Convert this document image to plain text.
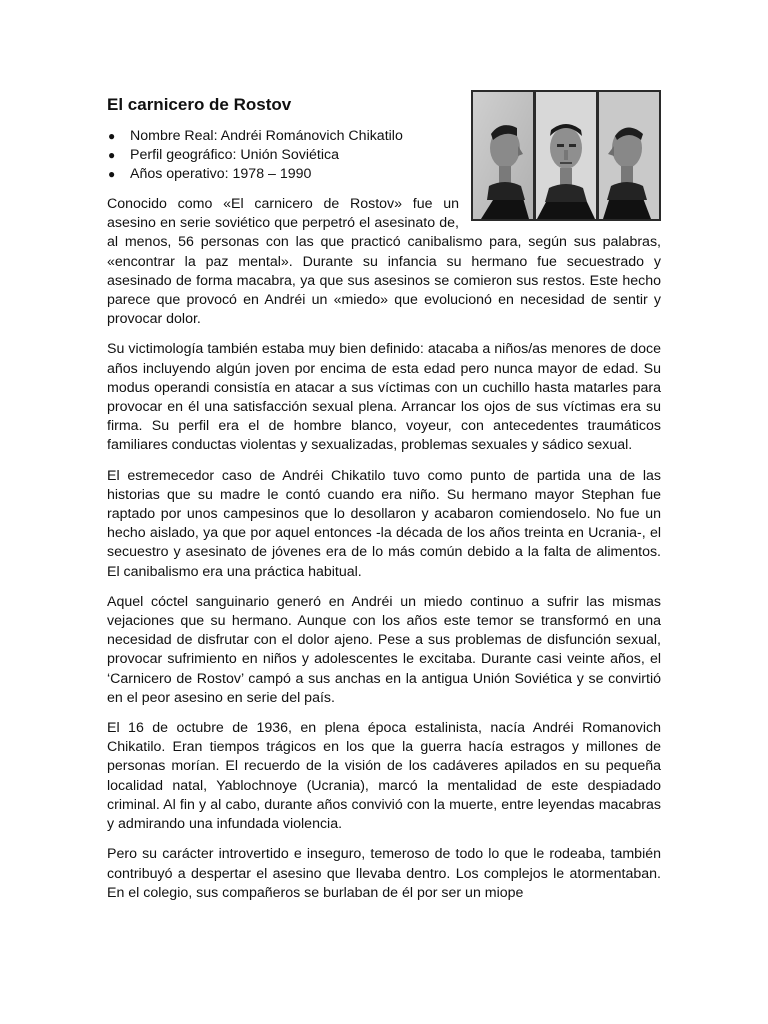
El carnicero de Rostov
● Nombre Real: Andréi Románovich Chikatilo
● Perfil geográfico: Unión Soviética
● Años operativo: 1978 – 1990

Conocido como «El carnicero de Rostov» fue un asesino en serie soviético que perpetró el asesinato de, al menos, 56 personas con las que practicó canibalismo para, según sus palabras, «encontrar la paz mental». Durante su infancia su hermano fue secuestrado y asesinado de forma macabra, ya que sus asesinos se comieron sus restos. Este hecho parece que provocó en Andréi un «miedo» que evolucionó en necesidad de sentir y provocar dolor.

Su victimología también estaba muy bien definido: atacaba a niños/as menores de doce años incluyendo algún joven por encima de esta edad pero nunca mayor de edad. Su modus operandi consistía en atacar a sus víctimas con un cuchillo hasta matarles para provocar en él una satisfacción sexual plena. Arrancar los ojos de sus víctimas era su firma. Su perfil era el de hombre blanco, voyeur, con antecedentes traumáticos familiares conductas violentas y sexualizadas, problemas sexuales y sádico sexual.

El estremecedor caso de Andréi Chikatilo tuvo como punto de partida una de las historias que su madre le contó cuando era niño. Su hermano mayor Stephan fue raptado por unos campesinos que lo desollaron y acabaron comiendoselo. No fue un hecho aislado, ya que por aquel entonces -la década de los años treinta en Ucrania-, el secuestro y asesinato de jóvenes era de lo más común debido a la falta de alimentos. El canibalismo era una práctica habitual.

Aquel cóctel sanguinario generó en Andréi un miedo continuo a sufrir las mismas vejaciones que su hermano. Aunque con los años este temor se transformó en una necesidad de disfrutar con el dolor ajeno. Pese a sus problemas de disfunción sexual, provocar sufrimiento en niños y adolescentes le excitaba. Durante casi veinte años, el ‘Carnicero de Rostov’ campó a sus anchas en la antigua Unión Soviética y se convirtió en el peor asesino en serie del país.

El 16 de octubre de 1936, en plena época estalinista, nacía Andréi Romanovich Chikatilo. Eran tiempos trágicos en los que la guerra hacía estragos y millones de personas morían. El recuerdo de la visión de los cadáveres apilados en su pequeña localidad natal, Yablochnoye (Ucrania), marcó la mentalidad de este despiadado criminal. Al fin y al cabo, durante años convivió con la muerte, entre leyendas macabras y admirando una infundada violencia.

Pero su carácter introvertido e inseguro, temeroso de todo lo que le rodeaba, también contribuyó a despertar el asesino que llevaba dentro. Los complejos le atormentaban. En el colegio, sus compañeros se burlaban de él por ser un miope
